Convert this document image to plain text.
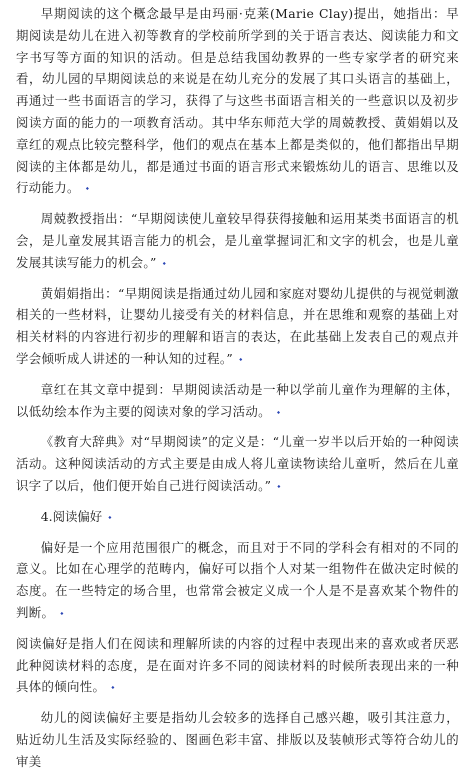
早期阅读的这个概念最早是由玛丽·克莱(Marie Clay)提出，她指出：早期阅读是幼儿在进入初等教育的学校前所学到的关于语言表达、阅读能力和文字书写等方面的知识的活动。但是总结我国幼教界的一些专家学者的研究来看，幼儿园的早期阅读总的来说是在幼儿充分的发展了其口头语言的基础上，再通过一些书面语言的学习，获得了与这些书面语言相关的一些意识以及初步阅读方面的能力的一项教育活动。其中华东师范大学的周兢教授、黄娟娟以及章红的观点比较完整科学，他们的观点在基本上都是类似的，他们都指出早期阅读的主体都是幼儿，都是通过书面的语言形式来锻炼幼儿的语言、思维以及行动能力。 ⬩

周兢教授指出：“早期阅读使儿童较早得获得接触和运用某类书面语言的机会，是儿童发展其语言能力的机会，是儿童掌握词汇和文字的机会，也是儿童发展其读写能力的机会。” ⬩

黄娟娟指出：“早期阅读是指通过幼儿园和家庭对婴幼儿提供的与视觉刺激相关的一些材料，让婴幼儿接受有关的材料信息，并在思维和观察的基础上对相关材料的内容进行初步的理解和语言的表达，在此基础上发表自己的观点并学会倾听成人讲述的一种认知的过程。” ⬩

章红在其文章中提到：早期阅读活动是一种以学前儿童作为理解的主体，以低幼绘本作为主要的阅读对象的学习活动。 ⬩

《教育大辞典》对“早期阅读”的定义是：“儿童一岁半以后开始的一种阅读活动。这种阅读活动的方式主要是由成人将儿童读物读给儿童听，然后在儿童识字了以后，他们便开始自己进行阅读活动。” ⬩

4.阅读偏好 ⬩

偏好是一个应用范围很广的概念，而且对于不同的学科会有相对的不同的意义。比如在心理学的范畴内，偏好可以指个人对某一组物件在做决定时候的态度。在一些特定的场合里，也常常会被定义成一个人是不是喜欢某个物件的判断。 ⬩

阅读偏好是指人们在阅读和理解所读的内容的过程中表现出来的喜欢或者厌恶此种阅读材料的态度，是在面对许多不同的阅读材料的时候所表现出来的一种具体的倾向性。 ⬩

幼儿的阅读偏好主要是指幼儿会较多的选择自己感兴趣，吸引其注意力，贴近幼儿生活及实际经验的、图画色彩丰富、排版以及装帧形式等符合幼儿的审美
